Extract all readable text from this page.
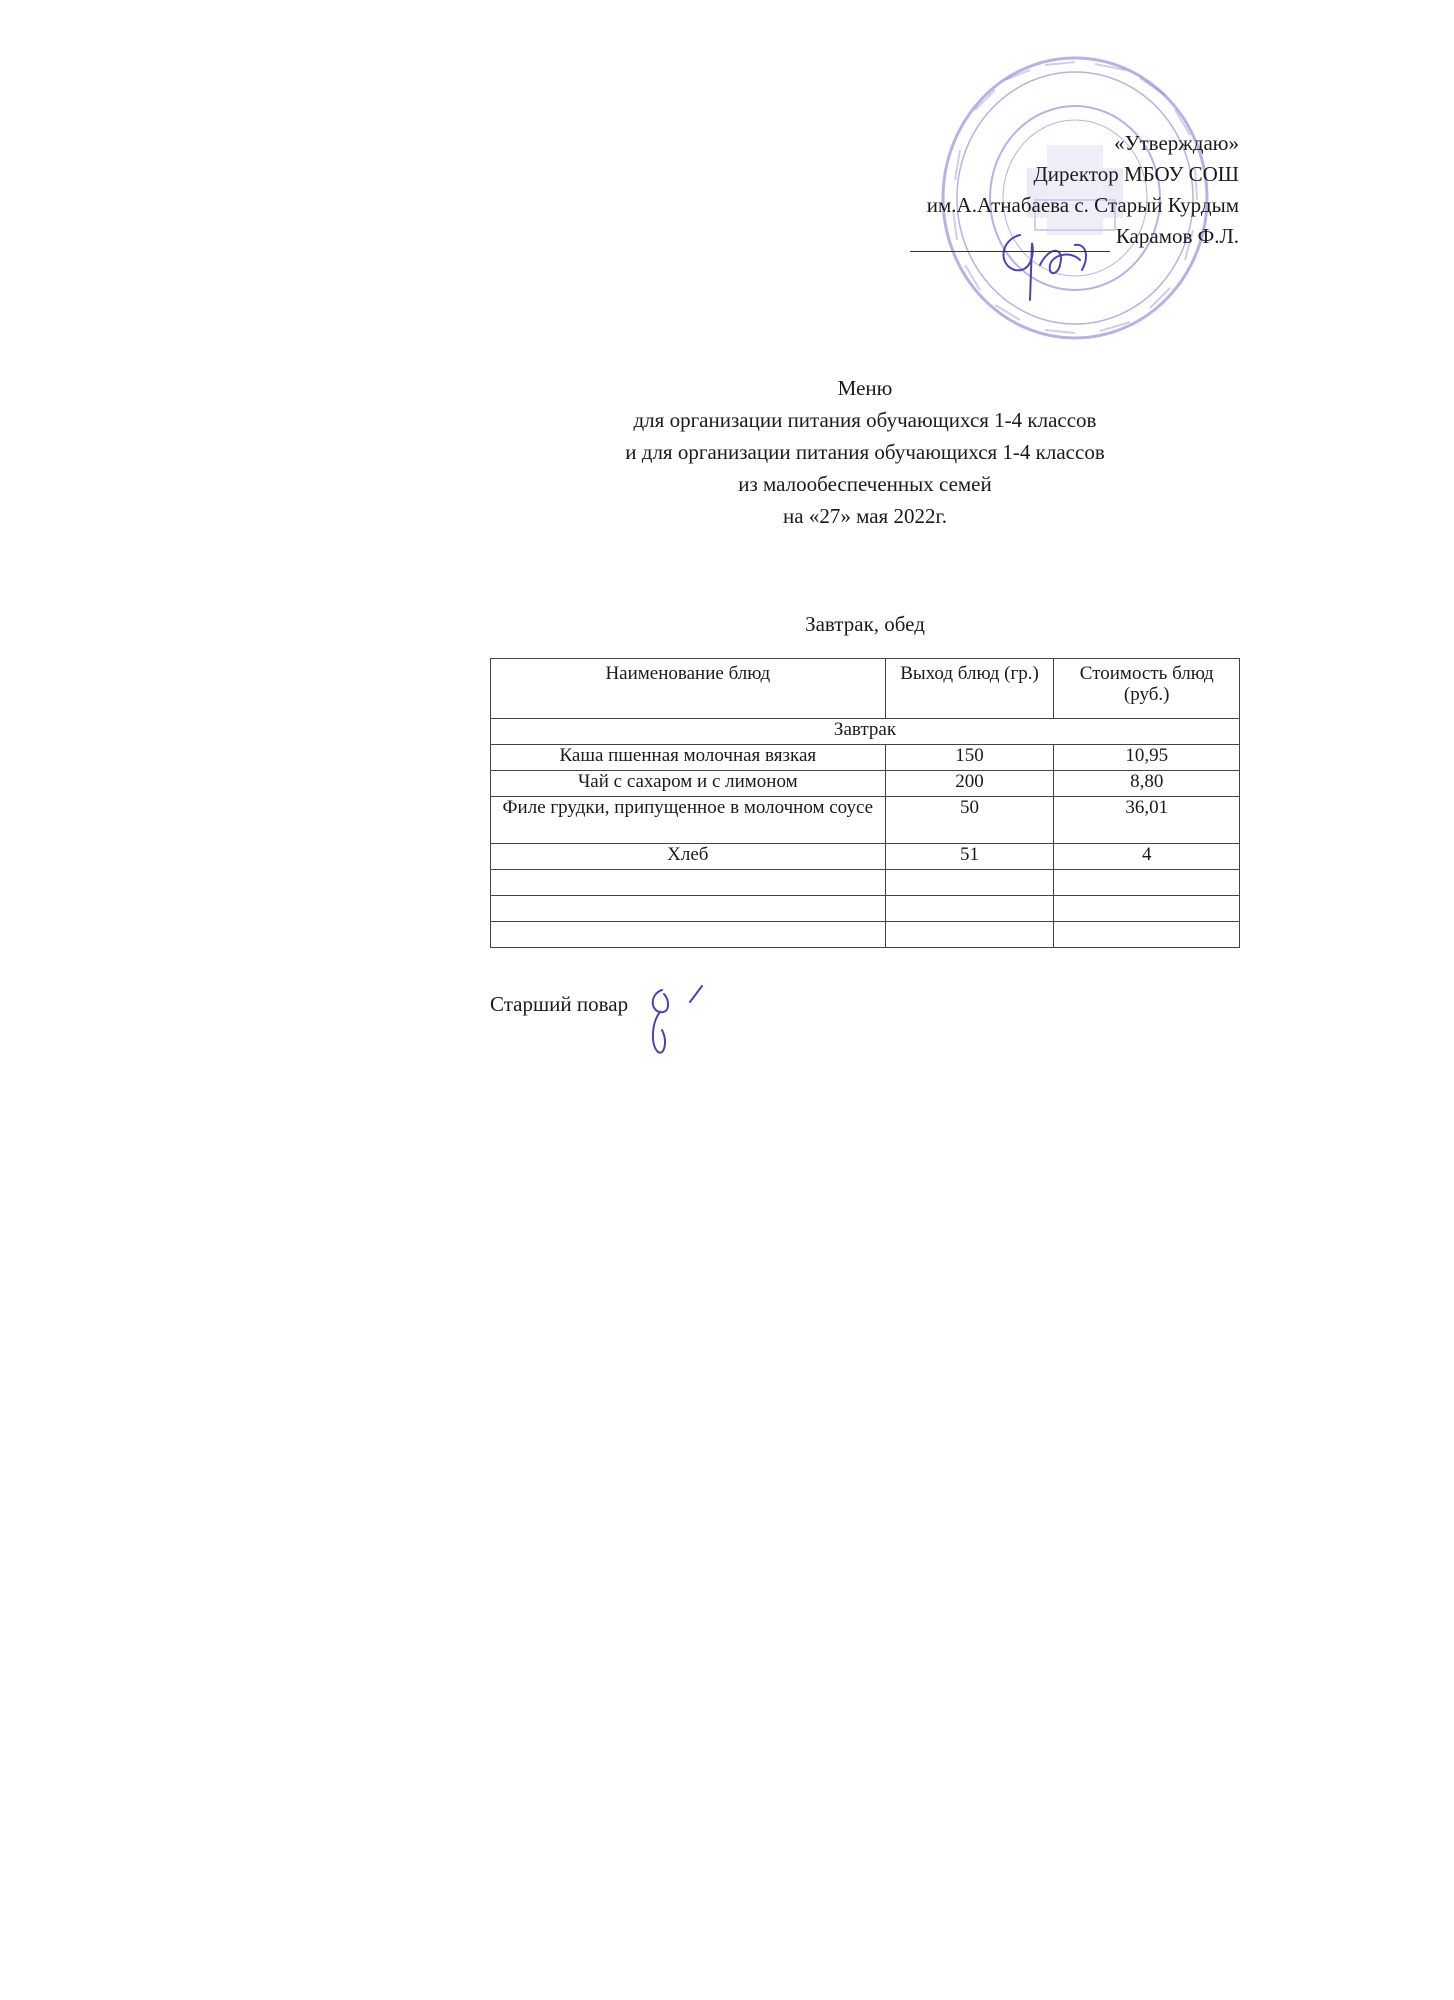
«Утверждаю»
Директор МБОУ СОШ
им.А.Атнабаева с. Старый Курдым
Карамов Ф.Л.
Меню
для организации питания обучающихся 1-4 классов
и для организации питания обучающихся 1-4 классов
из малообеспеченных семей
на «27» мая 2022г.
Завтрак, обед
Наименование блюд	Выход блюд (гр.)	Стоимость блюд (руб.)
Завтрак		
Каша пшенная молочная вязкая	150	10,95
Чай с сахаром и с лимоном	200	8,80
Филе грудки, припущенное в молочном соусе	50	36,01
Хлеб	51	4

Старший повар
